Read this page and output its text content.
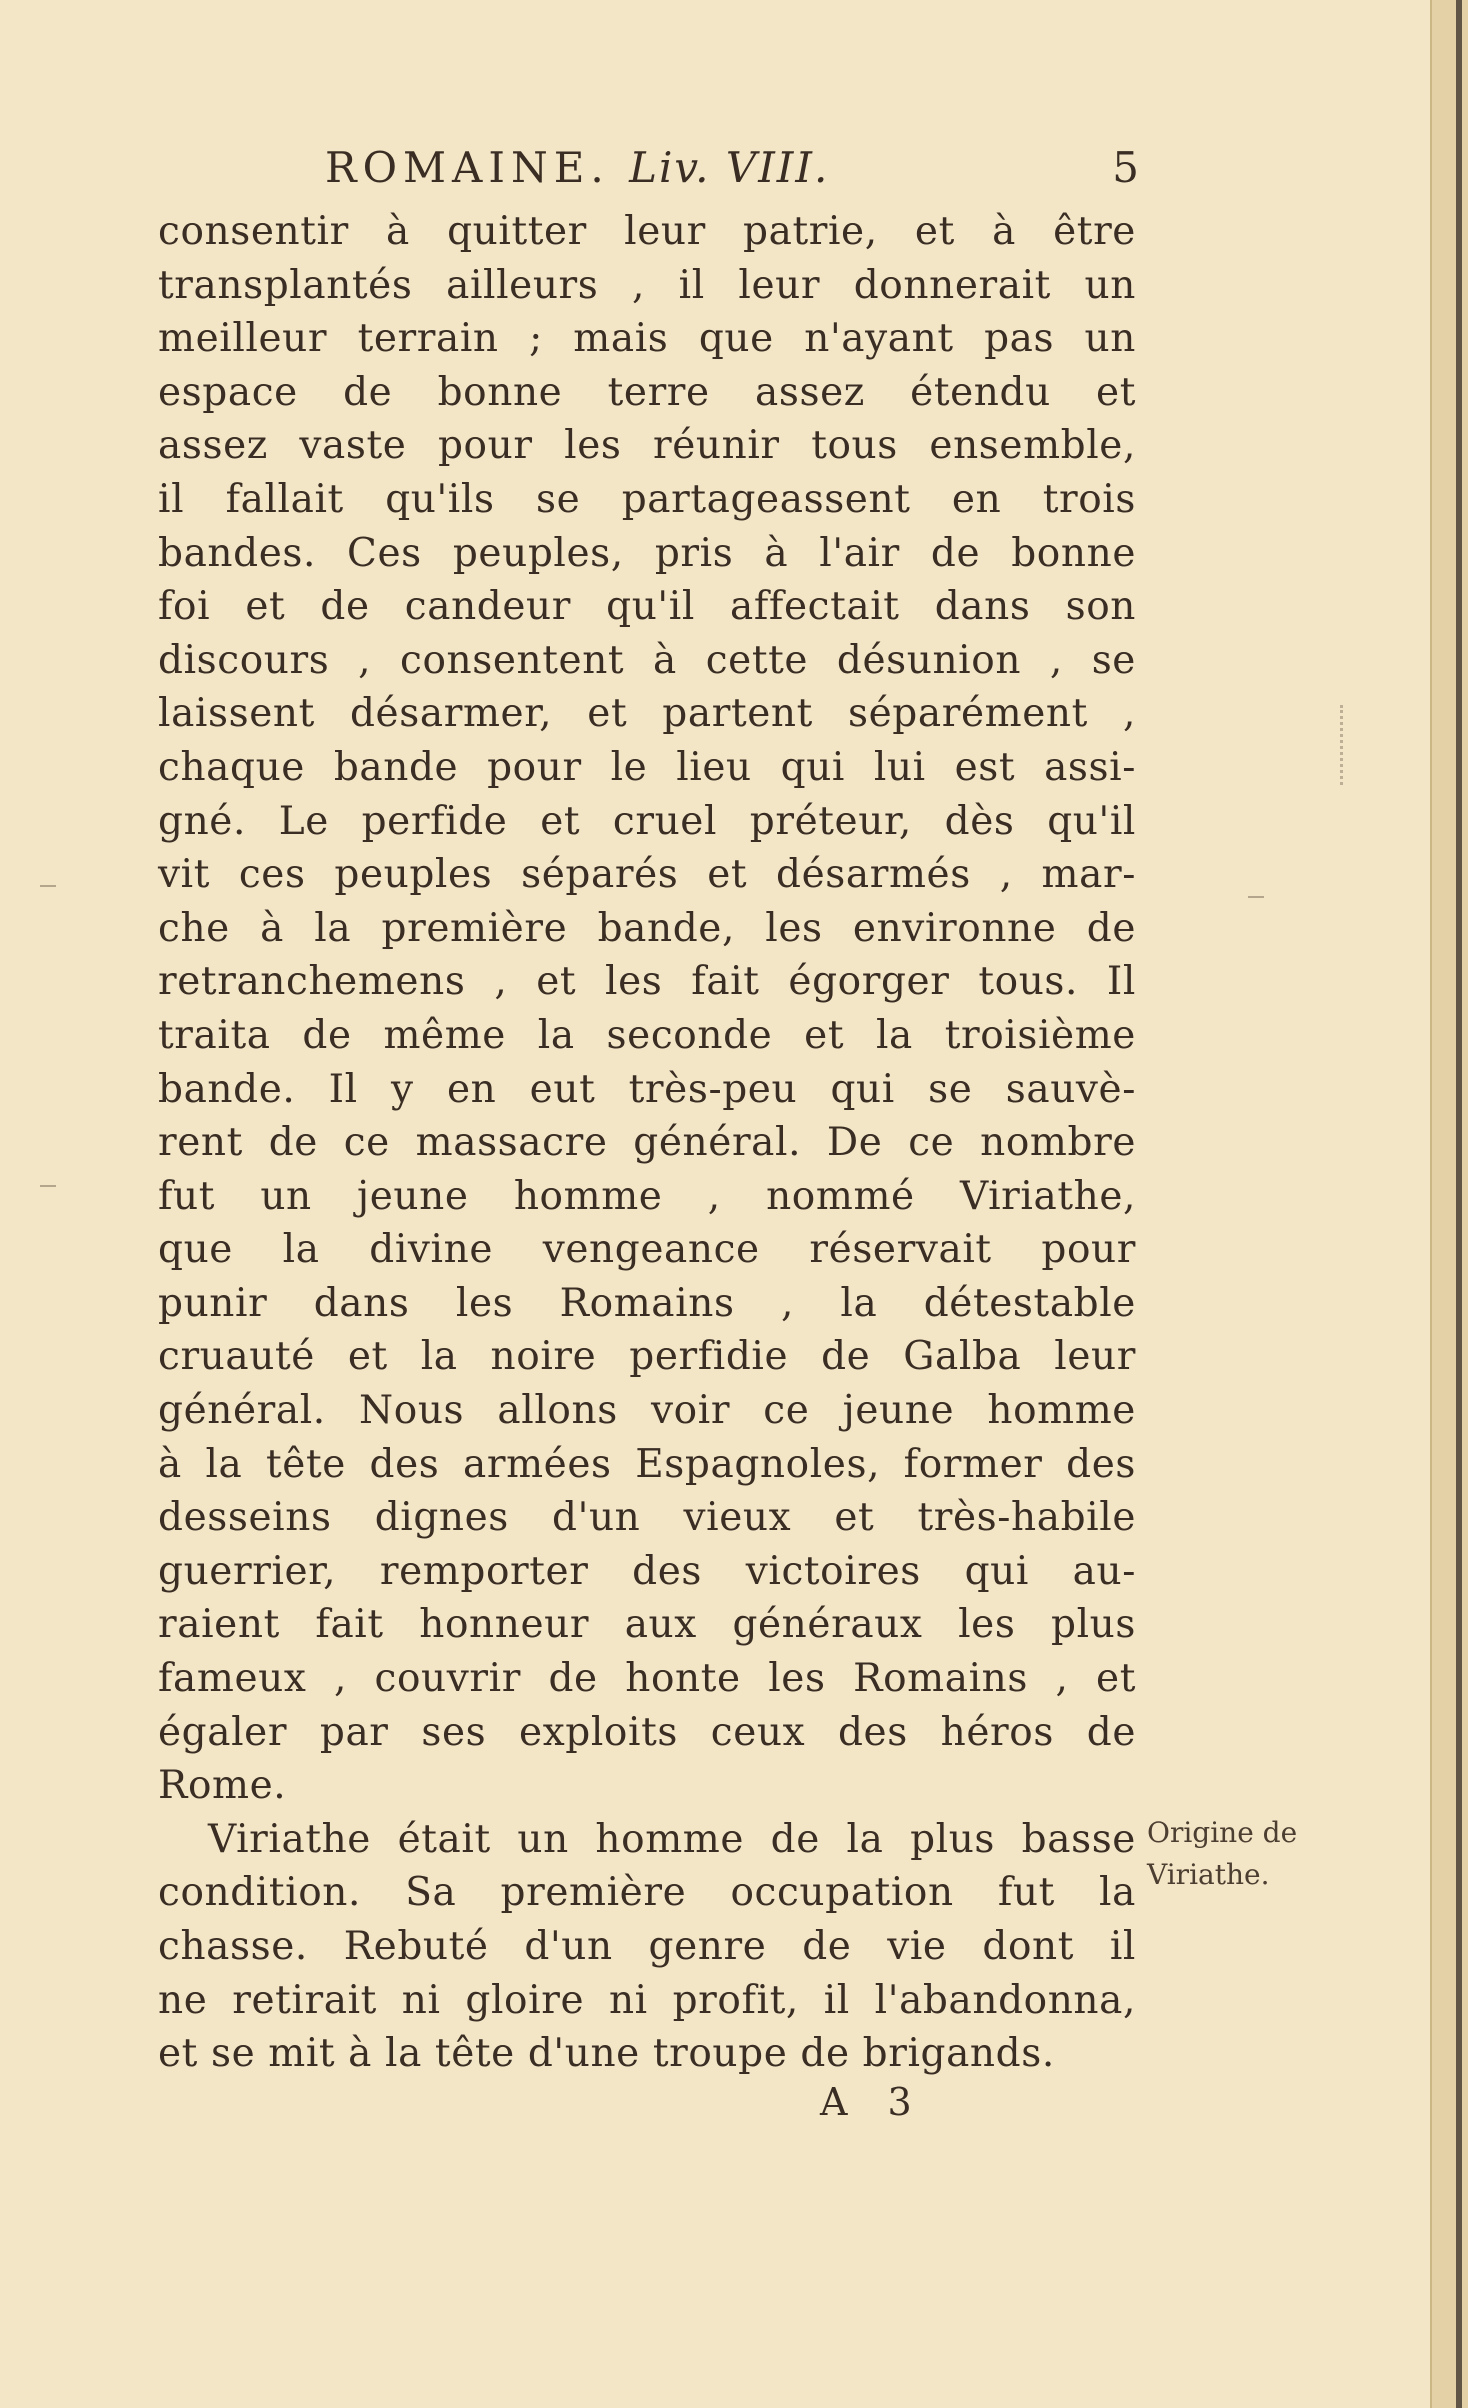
ROMAINE. Liv. VIII.	5
consentir à quitter leur patrie, et à être
transplantés ailleurs , il leur donnerait un
meilleur terrain ; mais que n'ayant pas un
espace de bonne terre assez étendu et
assez vaste pour les réunir tous ensemble,
il fallait qu'ils se partageassent en trois
bandes. Ces peuples, pris à l'air de bonne
foi et de candeur qu'il affectait dans son
discours , consentent à cette désunion , se
laissent désarmer, et partent séparément ,
chaque bande pour le lieu qui lui est assi-
gné. Le perfide et cruel préteur, dès qu'il
vit ces peuples séparés et désarmés , mar-
che à la première bande, les environne de
retranchemens , et les fait égorger tous. Il
traita de même la seconde et la troisième
bande. Il y en eut très-peu qui se sauvè-
rent de ce massacre général. De ce nombre
fut un jeune homme , nommé Viriathe,
que la divine vengeance réservait pour
punir dans les Romains , la détestable
cruauté et la noire perfidie de Galba leur
général. Nous allons voir ce jeune homme
à la tête des armées Espagnoles, former des
desseins dignes d'un vieux et très-habile
guerrier, remporter des victoires qui au-
raient fait honneur aux généraux les plus
fameux , couvrir de honte les Romains , et
égaler par ses exploits ceux des héros de
Rome.
Viriathe était un homme de la plus basse
condition. Sa première occupation fut la
chasse. Rebuté d'un genre de vie dont il
ne retirait ni gloire ni profit, il l'abandonna,
et se mit à la tête d'une troupe de brigands.
Origine de
Viriathe.
A 3
